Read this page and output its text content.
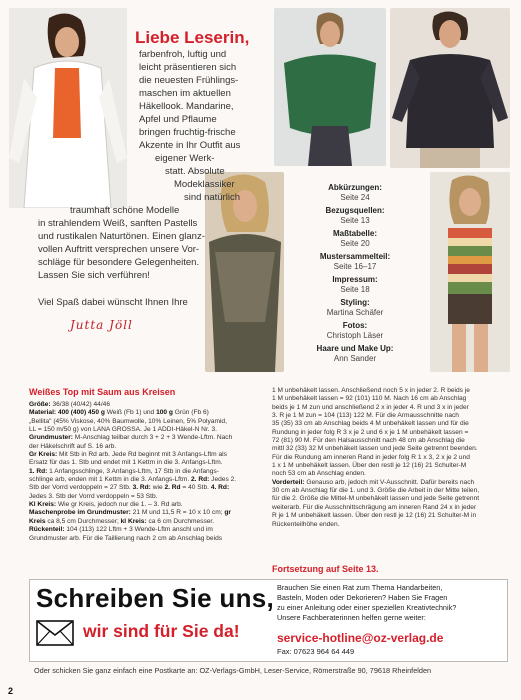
Liebe Leserin,
farbenfroh, luftig und
leicht präsentieren sich
die neuesten Frühlings-
maschen im aktuellen
Häkellook. Mandarine,
Apfel und Pflaume
bringen fruchtig-frische
Akzente in Ihr Outfit aus
eigener Werk-
statt. Absolute
Modeklassiker
sind natürlich
traumhaft schöne Modelle
in strahlendem Weiß, sanften Pastells
und rustikalen Naturtönen. Einen glanz-
vollen Auftritt versprechen unsere Vor-
schläge für besondere Gelegenheiten.
Lassen Sie sich verführen!
Viel Spaß dabei wünscht Ihnen Ihre
Jutta Jöll
Abkürzungen:
Seite 24
Bezugsquellen:
Seite 13
Maßtabelle:
Seite 20
Mustersammelteil:
Seite 16–17
Impressum:
Seite 18
Styling:
Martina Schäfer
Fotos:
Christoph Läser
Haare und Make Up:
Ann Sander
Weißes Top mit Saum aus Kreisen

Größe: 36/38 (40/42) 44/46

Material: 400 (400) 450 g Weiß (Fb 1) und 100 g Grün (Fb 6)

„Bellita" (45% Viskose, 40% Baumwolle, 10% Leinen, 5% Polyamid,

LL = 150 m/50 g) von LANA GROSSA. Je 1 ADDI-Häkel-N Nr. 3.

Grundmuster: M-Anschlag teilbar durch 3 + 2 + 3 Wende-Lftm. Nach

der Häkelschrift auf S. 16 arb.

Gr Kreis: Mit Stb in Rd arb. Jede Rd beginnt mit 3 Anfangs-Lftm als

Ersatz für das 1. Stb und endet mit 1 Kettm in die 3. Anfangs-Lftm.

1. Rd: 1 Anfangsschlinge, 3 Anfangs-Lftm, 17 Stb in die Anfangs-

schlinge arb, enden mit 1 Kettm in die 3. Anfangs-Lftm. 2. Rd: Jedes 2.

Stb der Vorrd verdoppeln = 27 Stb. 3. Rd: wie 2. Rd = 40 Stb. 4. Rd:

Jedes 3. Stb der Vorrd verdoppeln = 53 Stb.

Kl Kreis: Wie gr Kreis, jedoch nur die 1. – 3. Rd arb.

Maschenprobe im Grundmuster: 21 M und 11,5 R = 10 x 10 cm; gr

Kreis ca 8,5 cm Durchmesser; kl Kreis: ca 6 cm Durchmesser.

Rückenteil: 104 (113) 122 Lftm + 3 Wende-Lftm anschl und im

Grundmuster arb. Für die Taillierung nach 2 cm ab Anschlag beids

1 M unbehäkelt lassen. Anschließend noch 5 x in jeder 2. R beids je

1 M unbehäkelt lassen = 92 (101) 110 M. Nach 16 cm ab Anschlag

beids je 1 M zun und anschließend 2 x in jeder 4. R und 3 x in jeder

3. R je 1 M zun = 104 (113) 122 M. Für die Armausschnitte nach

35 (35) 33 cm ab Anschlag beids 4 M unbehäkelt lassen und für die

Rundung in jeder folg R 3 x je 2 und 6 x je 1 M unbehäkelt lassen =

72 (81) 90 M. Für den Halsausschnitt nach 48 cm ab Anschlag die

mittl 32 (33) 32 M unbehäkelt lassen und jede Seite getrennt beenden.

Für die Rundung am inneren Rand in jeder folg R 1 x 3, 2 x je 2 und

1 x 1 M unbehäkelt lassen. Über den restl je 12 (16) 21 Schulter-M

noch 53 cm ab Anschlag enden.

Vorderteil: Genauso arb, jedoch mit V-Ausschnitt. Dafür bereits nach

30 cm ab Anschlag für die 1. und 3. Größe die Arbeit in der Mitte teilen,

für die 2. Größe die Mittel-M unbehäkelt lassen und jede Seite getrennt

weiterarb. Für die Ausschnittschrägung am inneren Rand 24 x in jeder

R je 1 M unbehäkelt lassen. Über den restl je 12 (16) 21 Schulter-M in

Rückenteilhöhe enden.

Fortsetzung auf Seite 13.
Schreiben Sie uns,
wir sind für Sie da!
Brauchen Sie einen Rat zum Thema Handarbeiten,
Basteln, Moden oder Dekorieren? Haben Sie Fragen
zu einer Anleitung oder einer speziellen Kreativtechnik?
Unsere Fachberaterinnen helfen gerne weiter:
service-hotline@oz-verlag.de
Fax: 07623 964 64 449
Oder schicken Sie ganz einfach eine Postkarte an: OZ-Verlags-GmbH, Leser-Service, Römerstraße 90, 79618 Rheinfelden
2
